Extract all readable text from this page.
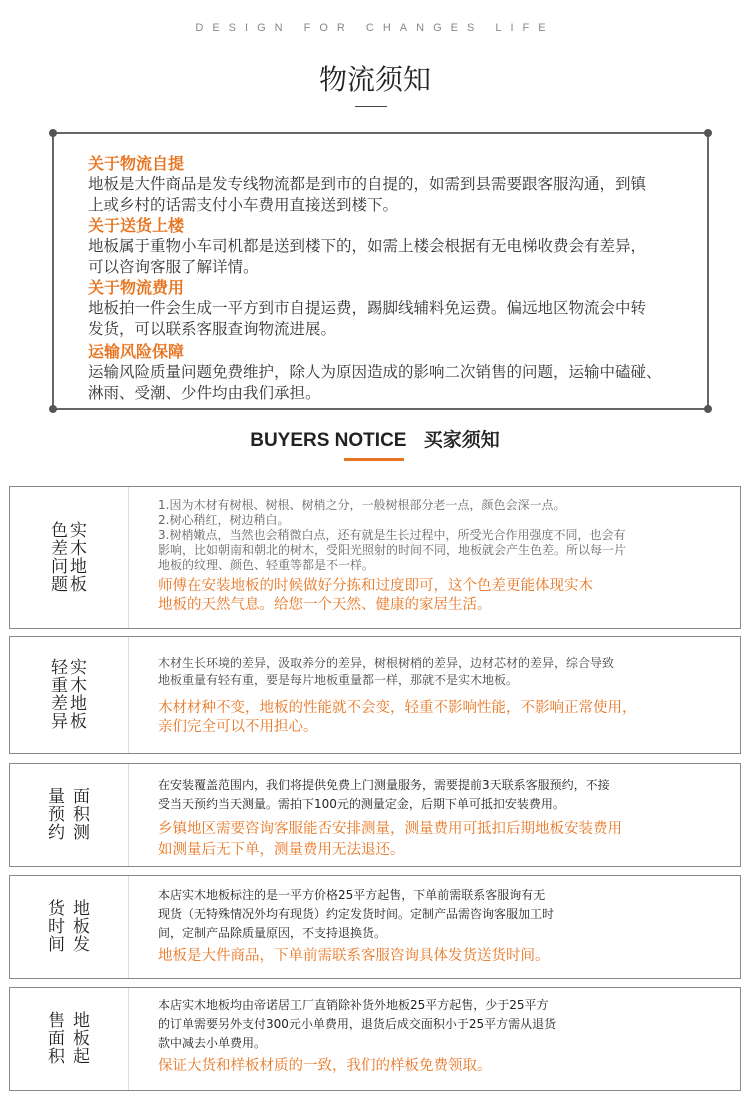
DESIGN FOR CHANGES LIFE
物流须知
关于物流自提
地板是大件商品是发专线物流都是到市的自提的，如需到县需要跟客服沟通，到镇
上或乡村的话需支付小车费用直接送到楼下。
关于送货上楼
地板属于重物小车司机都是送到楼下的，如需上楼会根据有无电梯收费会有差异，
可以咨询客服了解详情。
关于物流费用
地板拍一件会生成一平方到市自提运费，踢脚线辅料免运费。偏远地区物流会中转
发货，可以联系客服查询物流进展。
运输风险保障
运输风险质量问题免费维护，除人为原因造成的影响二次销售的问题，运输中磕碰、
淋雨、受潮、少件均由我们承担。
BUYERS NOTICE 买家须知
色
差
问
题
实
木
地
板
1.因为木材有树根、树根、树梢之分，一般树根部分老一点，颜色会深一点。
2.树心稍红，树边稍白。
3.树梢嫩点，当然也会稍微白点，还有就是生长过程中，所受光合作用强度不同，也会有
影响，比如朝南和朝北的树木，受阳光照射的时间不同，地板就会产生色差。所以每一片
地板的纹理、颜色、轻重等都是不一样。
师傅在安装地板的时候做好分拣和过度即可，这个色差更能体现实木
地板的天然气息。给您一个天然、健康的家居生活。
轻
重
差
异
实
木
地
板
木材生长环境的差异，汲取养分的差异，树根树梢的差异，边材芯材的差异，综合导致
地板重量有轻有重，要是每片地板重量都一样，那就不是实木地板。
木材材种不变，地板的性能就不会变，轻重不影响性能，不影响正常使用，
亲们完全可以不用担心。
量
预
约
面
积
测
在安装覆盖范围内，我们将提供免费上门测量服务，需要提前3天联系客服预约，不接
受当天预约当天测量。需拍下100元的测量定金，后期下单可抵扣安装费用。
乡镇地区需要咨询客服能否安排测量，测量费用可抵扣后期地板安装费用
如测量后无下单，测量费用无法退还。
货
时
间
地
板
发
本店实木地板标注的是一平方价格25平方起售，下单前需联系客服询有无
现货（无特殊情况外均有现货）约定发货时间。定制产品需咨询客服加工时
间，定制产品除质量原因，不支持退换货。
地板是大件商品，下单前需联系客服咨询具体发货送货时间。
售
面
积
地
板
起
本店实木地板均由帝诺居工厂直销除补货外地板25平方起售，少于25平方
的订单需要另外支付300元小单费用，退货后成交面积小于25平方需从退货
款中减去小单费用。
保证大货和样板材质的一致，我们的样板免费领取。
